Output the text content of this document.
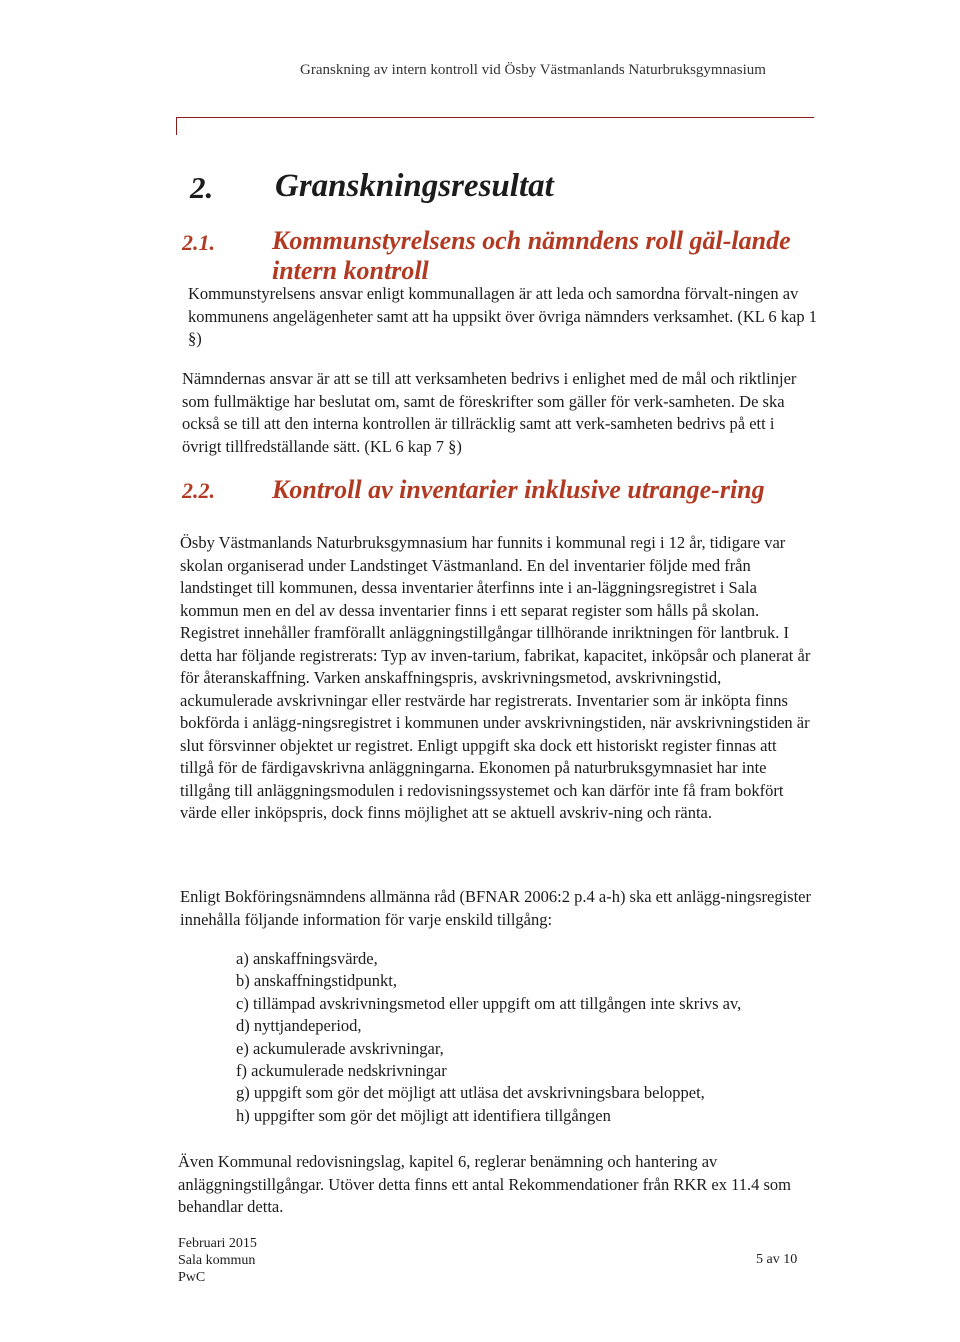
Granskning av intern kontroll vid Ösby Västmanlands Naturbruksgymnasium
2. Granskningsresultat
2.1. Kommunstyrelsens och nämndens roll gäl-lande intern kontroll
Kommunstyrelsens ansvar enligt kommunallagen är att leda och samordna förvalt-ningen av kommunens angelägenheter samt att ha uppsikt över övriga nämnders verksamhet. (KL 6 kap 1 §)
Nämndernas ansvar är att se till att verksamheten bedrivs i enlighet med de mål och riktlinjer som fullmäktige har beslutat om, samt de föreskrifter som gäller för verk-samheten. De ska också se till att den interna kontrollen är tillräcklig samt att verk-samheten bedrivs på ett i övrigt tillfredställande sätt. (KL 6 kap 7 §)
2.2. Kontroll av inventarier inklusive utrange-ring
Ösby Västmanlands Naturbruksgymnasium har funnits i kommunal regi i 12 år, tidigare var skolan organiserad under Landstinget Västmanland. En del inventarier följde med från landstinget till kommunen, dessa inventarier återfinns inte i an-läggningsregistret i Sala kommun men en del av dessa inventarier finns i ett separat register som hålls på skolan. Registret innehåller framförallt anläggningstillgångar tillhörande inriktningen för lantbruk. I detta har följande registrerats: Typ av inven-tarium, fabrikat, kapacitet, inköpsår och planerat år för återanskaffning. Varken anskaffningspris, avskrivningsmetod, avskrivningstid, ackumulerade avskrivningar eller restvärde har registrerats. Inventarier som är inköpta finns bokförda i anlägg-ningsregistret i kommunen under avskrivningstiden, när avskrivningstiden är slut försvinner objektet ur registret. Enligt uppgift ska dock ett historiskt register finnas att tillgå för de färdigavskrivna anläggningarna. Ekonomen på naturbruksgymnasiet har inte tillgång till anläggningsmodulen i redovisningssystemet och kan därför inte få fram bokfört värde eller inköpspris, dock finns möjlighet att se aktuell avskriv-ning och ränta.
Enligt Bokföringsnämndens allmänna råd (BFNAR 2006:2 p.4 a-h) ska ett anlägg-ningsregister innehålla följande information för varje enskild tillgång:
a) anskaffningsvärde,
b) anskaffningstidpunkt,
c) tillämpad avskrivningsmetod eller uppgift om att tillgången inte skrivs av,
d) nyttjandeperiod,
e) ackumulerade avskrivningar,
f) ackumulerade nedskrivningar
g) uppgift som gör det möjligt att utläsa det avskrivningsbara beloppet,
h) uppgifter som gör det möjligt att identifiera tillgången
Även Kommunal redovisningslag, kapitel 6, reglerar benämning och hantering av anläggningstillgångar. Utöver detta finns ett antal Rekommendationer från RKR ex 11.4 som behandlar detta.
Februari 2015
Sala kommun
PwC
5 av 10
